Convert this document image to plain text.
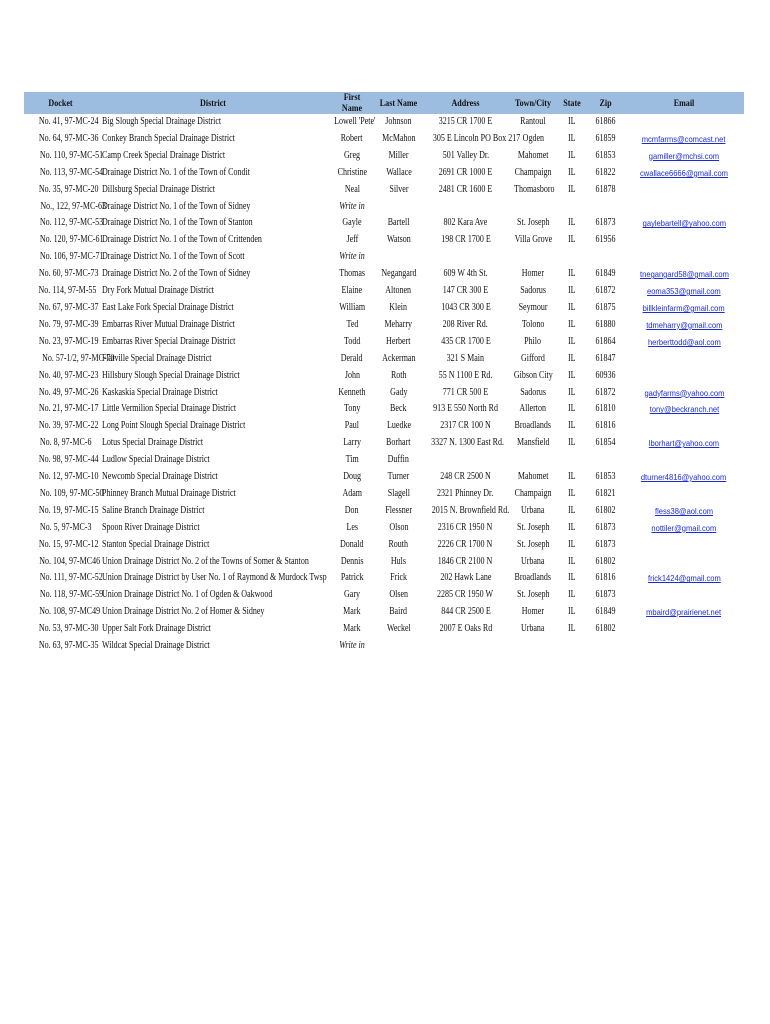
Docket	District	First Name	Last Name	Address	Town/City	State	Zip	Email
No. 41, 97-MC-24	Big Slough Special Drainage District	Lowell 'Pete'	Johnson	3215 CR 1700 E	Rantoul	IL	61866	
No. 64, 97-MC-36	Conkey Branch Special Drainage District	Robert	McMahon	305 E Lincoln PO Box 217	Ogden	IL	61859	mcmfarms@comcast.net
No. 110, 97-MC-51	Camp Creek Special Drainage District	Greg	Miller	501 Valley Dr.	Mahomet	IL	61853	gamiller@mchsi.com
No. 113, 97-MC-54	Drainage District No. 1 of the Town of Condit	Christine	Wallace	2691 CR 1000 E	Champaign	IL	61822	cwallace6666@gmail.com
No. 35, 97-MC-20	Dillsburg Special Drainage District	Neal	Silver	2481 CR 1600 E	Thomasboro	IL	61878	
No., 122, 97-MC-63	Drainage District No. 1 of the Town of Sidney	Write in						
No. 112, 97-MC-53	Drainage District No. 1 of the Town of Stanton	Gayle	Bartell	802 Kara Ave	St. Joseph	IL	61873	gaylebartell@yahoo.com
No. 120, 97-MC-61	Drainage District No. 1 of the Town of Crittenden	Jeff	Watson	198 CR 1700 E	Villa Grove	IL	61956	
No. 106, 97-MC-71	Drainage District No. 1 of the Town of Scott	Write in						
No. 60, 97-MC-73	Drainage District No. 2 of the Town of Sidney	Thomas	Negangard	609 W 4th St.	Homer	IL	61849	tnegangard58@gmail.com
No. 114, 97-M-55	Dry Fork Mutual Drainage District	Elaine	Altonen	147 CR 300 E	Sadorus	IL	61872	eoma353@gmail.com
No. 67, 97-MC-37	East Lake Fork Special Drainage District	William	Klein	1043 CR 300 E	Seymour	IL	61875	billkleinfarm@gmail.com
No. 79, 97-MC-39	Embarras River Mutual Drainage District	Ted	Meharry	208 River Rd.	Tolono	IL	61880	tdmeharry@gmail.com
No. 23, 97-MC-19	Embarras River Special Drainage District	Todd	Herbert	435 CR 1700 E	Philo	IL	61864	herberttodd@aol.com
No. 57-1/2, 97-MC-70	Flatville Special Drainage District	Derald	Ackerman	321 S Main	Gifford	IL	61847	
No. 40, 97-MC-23	Hillsbury Slough Special Drainage District	John	Roth	55 N 1100 E Rd.	Gibson City	IL	60936	
No. 49, 97-MC-26	Kaskaskia Special Drainage District	Kenneth	Gady	771 CR 500 E	Sadorus	IL	61872	gadyfarms@yahoo.com
No. 21, 97-MC-17	Little Vermilion Special Drainage District	Tony	Beck	913 E 550 North Rd	Allerton	IL	61810	tony@beckranch.net
No. 39, 97-MC-22	Long Point Slough Special Drainage District	Paul	Luedke	2317 CR 100 N	Broadlands	IL	61816	
No. 8, 97-MC-6	Lotus Special Drainage District	Larry	Borhart	3327 N. 1300 East Rd.	Mansfield	IL	61854	lborhart@yahoo.com
No. 98, 97-MC-44	Ludlow Special Drainage District	Tim	Duffin					
No. 12, 97-MC-10	Newcomb Special Drainage District	Doug	Turner	248 CR 2500 N	Mahomet	IL	61853	dturner4816@yahoo.com
No. 109, 97-MC-50	Phinney Branch Mutual Drainage District	Adam	Slagell	2321 Phinney Dr.	Champaign	IL	61821	
No. 19, 97-MC-15	Saline Branch Drainage District	Don	Flessner	2015 N. Brownfield Rd.	Urbana	IL	61802	fless38@aol.com
No. 5, 97-MC-3	Spoon River Drainage District	Les	Olson	2316 CR 1950 N	St. Joseph	IL	61873	nottiler@gmail.com
No. 15, 97-MC-12	Stanton Special Drainage District	Donald	Routh	2226 CR 1700 N	St. Joseph	IL	61873	
No. 104, 97-MC46	Union Drainage District No. 2 of the Towns of Somer & Stanton	Dennis	Huls	1846 CR 2100 N	Urbana	IL	61802	
No. 111, 97-MC-52	Union Drainage District by User No. 1 of Raymond & Murdock Twsp	Patrick	Frick	202 Hawk Lane	Broadlands	IL	61816	frick1424@gmail.com
No. 118, 97-MC-59	Union Drainage District No. 1 of Ogden & Oakwood	Gary	Olsen	2285 CR 1950 W	St. Joseph	IL	61873	
No. 108, 97-MC49	Union Drainage District No. 2 of Homer & Sidney	Mark	Baird	844 CR 2500 E	Homer	IL	61849	mbaird@prairienet.net
No. 53, 97-MC-30	Upper Salt Fork Drainage District	Mark	Weckel	2007 E Oaks Rd	Urbana	IL	61802	
No. 63, 97-MC-35	Wildcat Special Drainage District	Write in						
